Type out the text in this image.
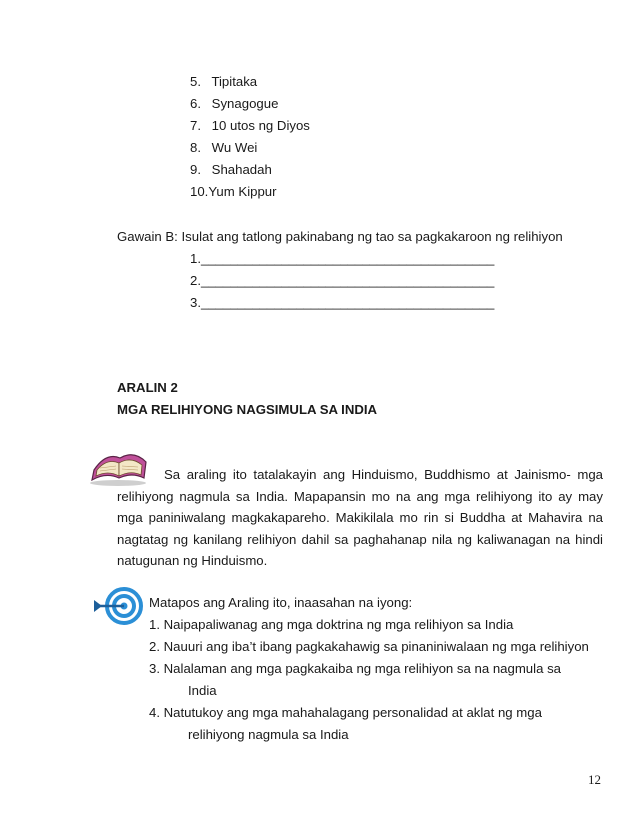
5. Tipitaka
6. Synagogue
7. 10 utos ng Diyos
8. Wu Wei
9. Shahadah
10.Yum Kippur
Gawain B: Isulat ang tatlong pakinabang ng tao sa pagkakaroon ng relihiyon
1.________________________________________
2.________________________________________
3.________________________________________
ARALIN 2
MGA RELIHIYONG NAGSIMULA SA INDIA

Sa araling ito tatalakayin ang Hinduismo, Buddhismo at Jainismo- mga relihiyong nagmula sa India. Mapapansin mo na ang mga relihiyong ito ay may mga paniniwalang magkakapareho. Makikilala mo rin si Buddha at Mahavira na nagtatag ng kanilang relihiyon dahil sa paghahanap nila ng kaliwanagan na hindi natugunan ng Hinduismo.

Matapos ang Araling ito, inaasahan na iyong:
1. Naipapaliwanag ang mga doktrina ng mga relihiyon sa India
2. Nauuri ang iba’t ibang pagkakahawig sa pinaniniwalaan ng mga relihiyon
3. Nalalaman ang mga pagkakaiba ng mga relihiyon sa na nagmula sa
India
4. Natutukoy ang mga mahahalagang personalidad at aklat ng mga
relihiyong nagmula sa India
12
